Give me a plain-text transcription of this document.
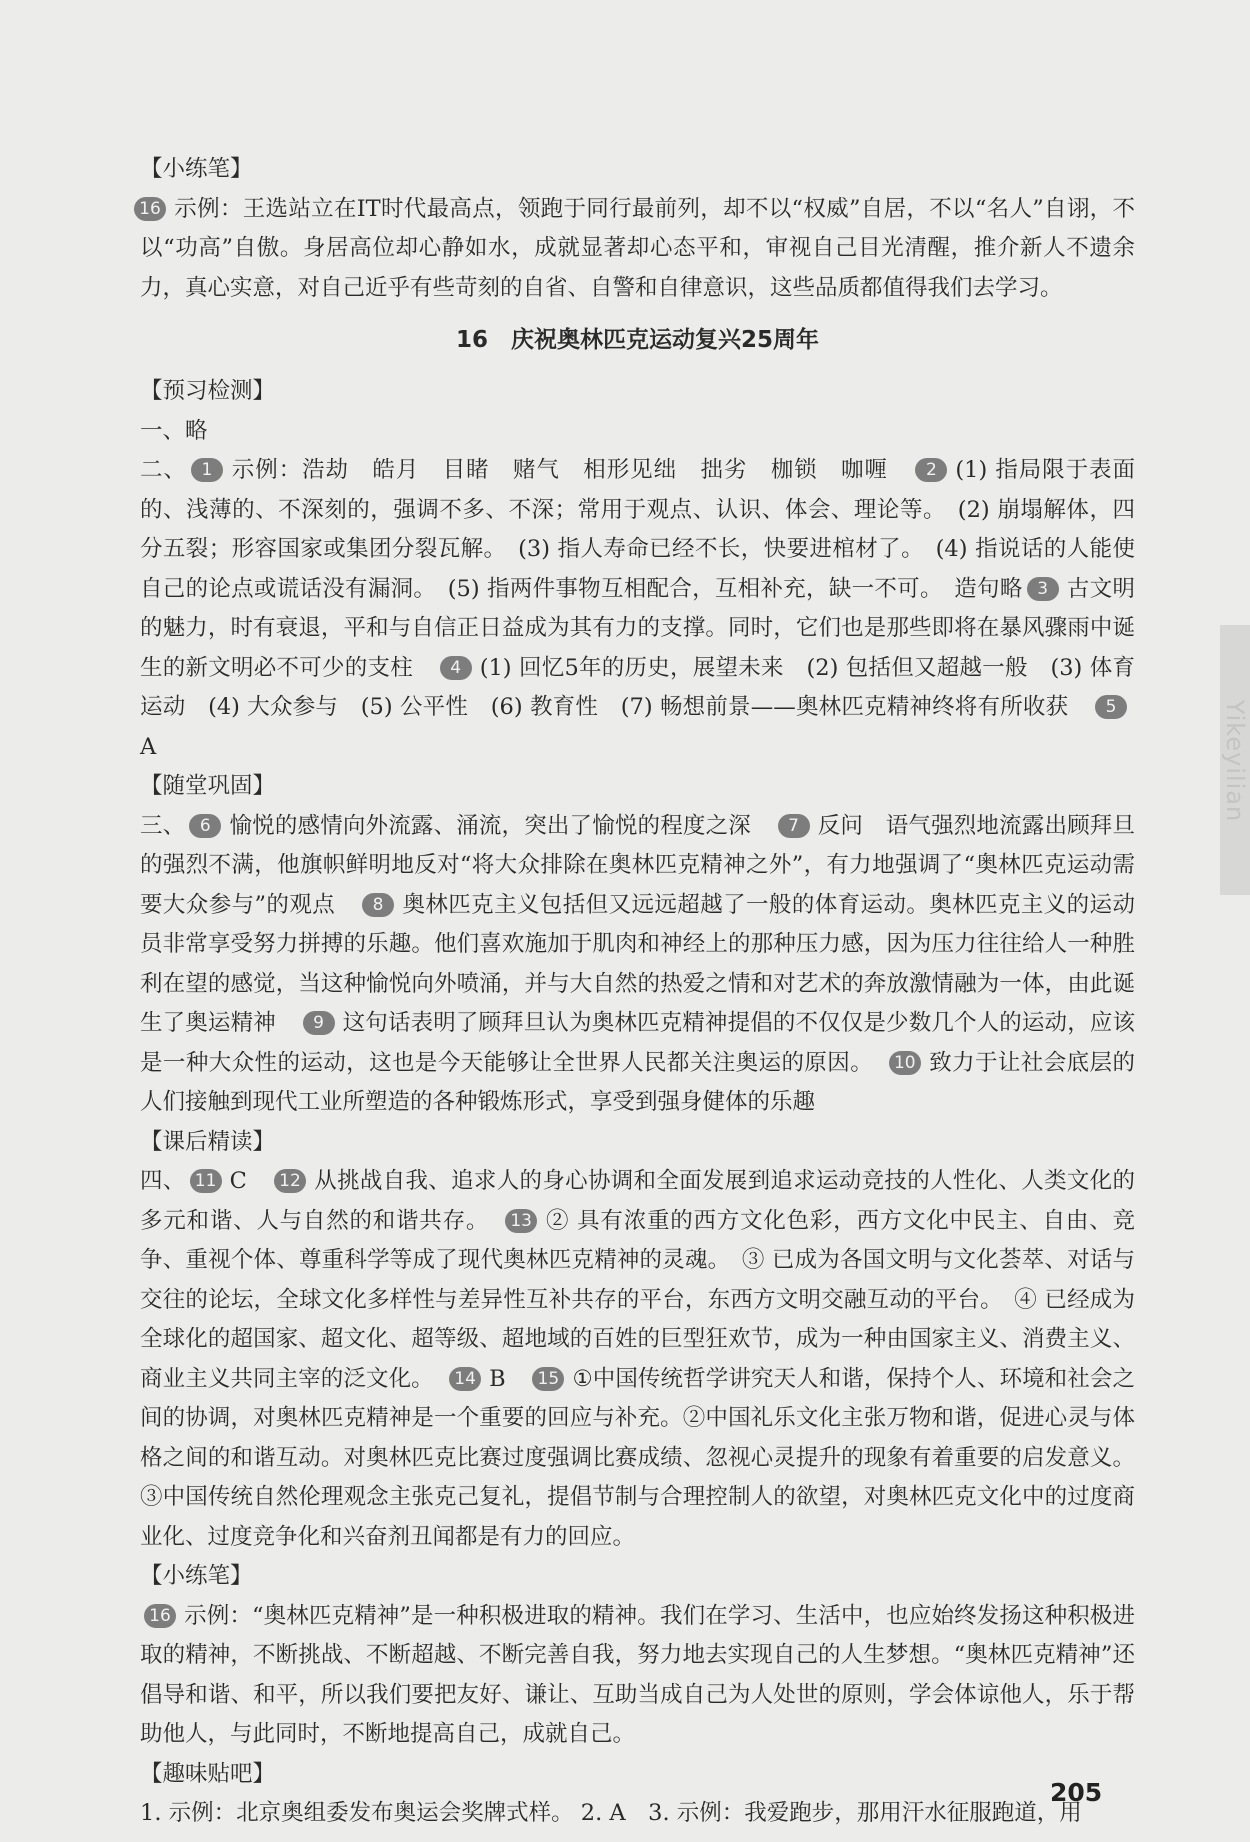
Yikeyilian

【小练笔】

16 示例：王选站立在IT时代最高点，领跑于同行最前列，却不以“权威”自居，不以“名人”自诩，不以“功高”自傲。身居高位却心静如水，成就显著却心态平和，审视自己目光清醒，推介新人不遗余力，真心实意，对自己近乎有些苛刻的自省、自警和自律意识，这些品质都值得我们去学习。

16　庆祝奥林匹克运动复兴25周年

【预习检测】

一、略

二、 1 示例：浩劫　皓月　目睹　赌气　相形见绌　拙劣　枷锁　咖喱　 2 (1) 指局限于表面的、浅薄的、不深刻的，强调不多、不深；常用于观点、认识、体会、理论等。　(2) 崩塌解体，四分五裂；形容国家或集团分裂瓦解。　(3) 指人寿命已经不长，快要进棺材了。　(4) 指说话的人能使自己的论点或谎话没有漏洞。　(5) 指两件事物互相配合，互相补充，缺一不可。　造句略 3 古文明的魅力，时有衰退，平和与自信正日益成为其有力的支撑。同时，它们也是那些即将在暴风骤雨中诞生的新文明必不可少的支柱　 4 (1) 回忆5年的历史，展望未来　(2) 包括但又超越一般　(3) 体育运动　(4) 大众参与　(5) 公平性　(6) 教育性　(7) 畅想前景——奥林匹克精神终将有所收获　 5A

【随堂巩固】

三、 6 愉悦的感情向外流露、涌流，突出了愉悦的程度之深　 7 反问　语气强烈地流露出顾拜旦的强烈不满，他旗帜鲜明地反对“将大众排除在奥林匹克精神之外”，有力地强调了“奥林匹克运动需要大众参与”的观点　 8 奥林匹克主义包括但又远远超越了一般的体育运动。奥林匹克主义的运动员非常享受努力拼搏的乐趣。他们喜欢施加于肌肉和神经上的那种压力感，因为压力往往给人一种胜利在望的感觉，当这种愉悦向外喷涌，并与大自然的热爱之情和对艺术的奔放激情融为一体，由此诞生了奥运精神　 9 这句话表明了顾拜旦认为奥林匹克精神提倡的不仅仅是少数几个人的运动，应该是一种大众性的运动，这也是今天能够让全世界人民都关注奥运的原因。　 10 致力于让社会底层的人们接触到现代工业所塑造的各种锻炼形式，享受到强身健体的乐趣

【课后精读】

四、 11 C　 12 从挑战自我、追求人的身心协调和全面发展到追求运动竞技的人性化、人类文化的多元和谐、人与自然的和谐共存。　 13 ② 具有浓重的西方文化色彩，西方文化中民主、自由、竞争、重视个体、尊重科学等成了现代奥林匹克精神的灵魂。　③ 已成为各国文明与文化荟萃、对话与交往的论坛，全球文化多样性与差异性互补共存的平台，东西方文明交融互动的平台。　④ 已经成为全球化的超国家、超文化、超等级、超地域的百姓的巨型狂欢节，成为一种由国家主义、消费主义、商业主义共同主宰的泛文化。　 14 B　 15 ①中国传统哲学讲究天人和谐，保持个人、环境和社会之间的协调，对奥林匹克精神是一个重要的回应与补充。②中国礼乐文化主张万物和谐，促进心灵与体格之间的和谐互动。对奥林匹克比赛过度强调比赛成绩、忽视心灵提升的现象有着重要的启发意义。③中国传统自然伦理观念主张克己复礼，提倡节制与合理控制人的欲望，对奥林匹克文化中的过度商业化、过度竞争化和兴奋剂丑闻都是有力的回应。

【小练笔】

16 示例：“奥林匹克精神”是一种积极进取的精神。我们在学习、生活中，也应始终发扬这种积极进取的精神，不断挑战、不断超越、不断完善自我，努力地去实现自己的人生梦想。“奥林匹克精神”还倡导和谐、和平，所以我们要把友好、谦让、互助当成自己为人处世的原则，学会体谅他人，乐于帮助他人，与此同时，不断地提高自己，成就自己。

【趣味贴吧】

1. 示例：北京奥组委发布奥运会奖牌式样。 2. A　3. 示例：我爱跑步，那用汗水征服跑道，用

205
